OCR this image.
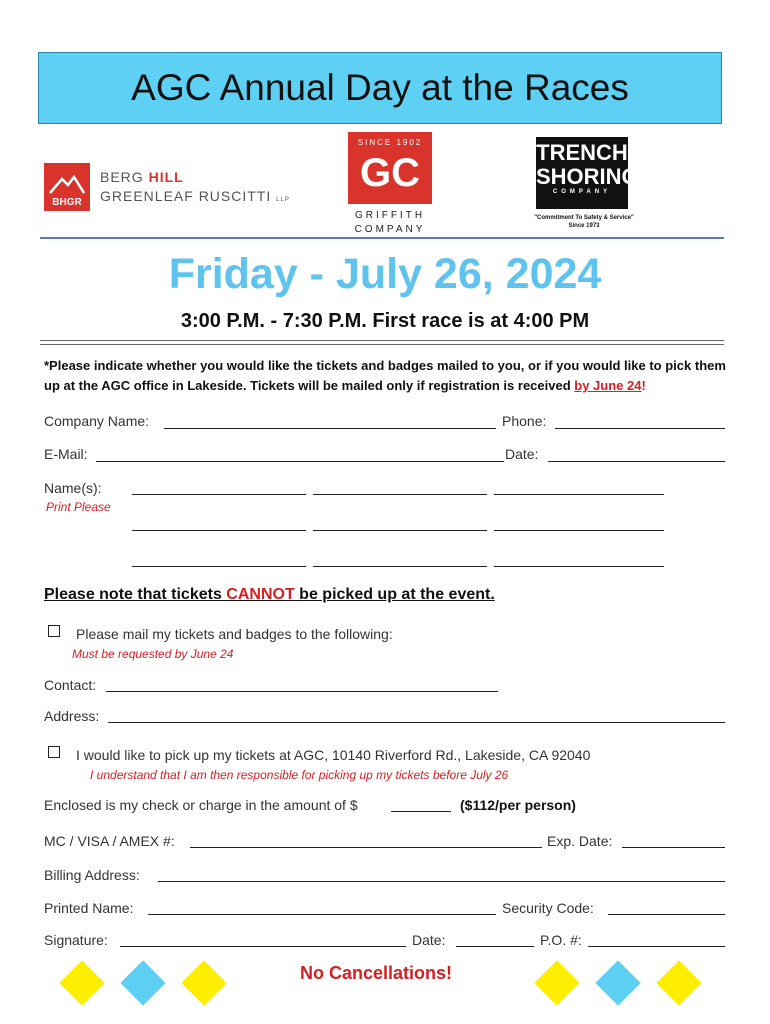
AGC Annual Day at the Races
BHGR
BERG HILL
GREENLEAF RUSCITTI LLP
SINCE 1902
GC
GRIFFITH
COMPANY
TRENCH
SHORING
COMPANY
"Commitment To Safety & Service"
Since 1973
Friday - July 26, 2024
3:00 P.M. - 7:30 P.M. First race is at 4:00 PM
*Please indicate whether you would like the tickets and badges mailed to you, or if you would like to pick them up at the AGC office in Lakeside. Tickets will be mailed only if registration is received by June 24!
Company Name:	Phone:
E-Mail:	Date:
Name(s):
Print Please
Please note that tickets CANNOT be picked up at the event.
Please mail my tickets and badges to the following:
Must be requested by June 24
Contact:
Address:
I would like to pick up my tickets at AGC, 10140 Riverford Rd., Lakeside, CA 92040
I understand that I am then responsible for picking up my tickets before July 26
Enclosed is my check or charge in the amount of $	($112/per person)
MC / VISA / AMEX #:	Exp. Date:
Billing Address:
Printed Name:	Security Code:
Signature:	Date:	P.O. #:
No Cancellations!
